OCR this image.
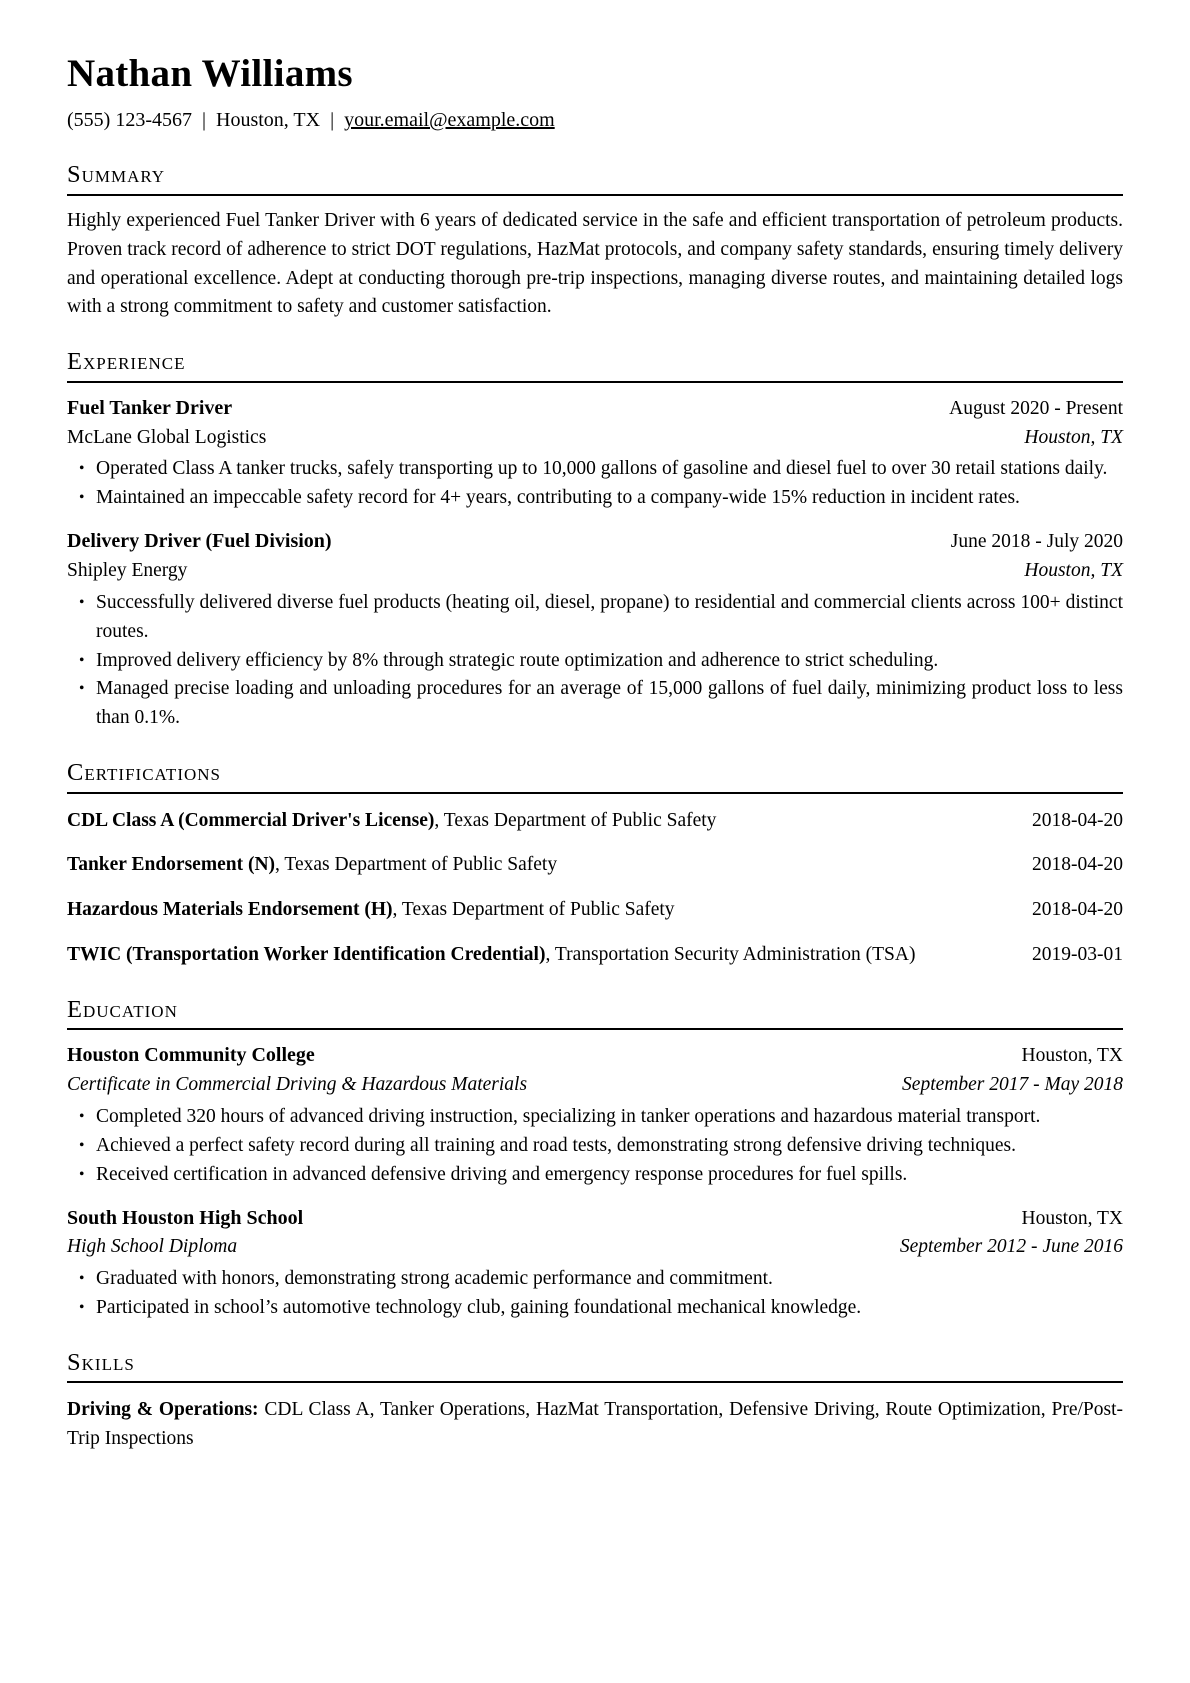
Nathan Williams
(555) 123-4567 | Houston, TX | your.email@example.com
Summary

Highly experienced Fuel Tanker Driver with 6 years of dedicated service in the safe and efficient transportation of petroleum products. Proven track record of adherence to strict DOT regulations, HazMat protocols, and company safety standards, ensuring timely delivery and operational excellence. Adept at conducting thorough pre-trip inspections, managing diverse routes, and maintaining detailed logs with a strong commitment to safety and customer satisfaction.

Experience
Fuel Tanker Driver	August 2020 - Present
McLane Global Logistics	Houston, TX
• Operated Class A tanker trucks, safely transporting up to 10,000 gallons of gasoline and diesel fuel to over 30 retail stations daily.
• Maintained an impeccable safety record for 4+ years, contributing to a company-wide 15% reduction in incident rates.
Delivery Driver (Fuel Division)	June 2018 - July 2020
Shipley Energy	Houston, TX
• Successfully delivered diverse fuel products (heating oil, diesel, propane) to residential and commercial clients across 100+ distinct routes.
• Improved delivery efficiency by 8% through strategic route optimization and adherence to strict scheduling.
• Managed precise loading and unloading procedures for an average of 15,000 gallons of fuel daily, minimizing product loss to less than 0.1%.
Certifications

CDL Class A (Commercial Driver's License), Texas Department of Public Safety	2018-04-20

Tanker Endorsement (N), Texas Department of Public Safety	2018-04-20

Hazardous Materials Endorsement (H), Texas Department of Public Safety	2018-04-20

TWIC (Transportation Worker Identification Credential), Transportation Security Administration (TSA)	2019-03-01
Education
Houston Community College	Houston, TX
Certificate in Commercial Driving & Hazardous Materials	September 2017 - May 2018
• Completed 320 hours of advanced driving instruction, specializing in tanker operations and hazardous material transport.
• Achieved a perfect safety record during all training and road tests, demonstrating strong defensive driving techniques.
• Received certification in advanced defensive driving and emergency response procedures for fuel spills.
South Houston High School	Houston, TX
High School Diploma	September 2012 - June 2016
• Graduated with honors, demonstrating strong academic performance and commitment.
• Participated in school’s automotive technology club, gaining foundational mechanical knowledge.
Skills

Driving & Operations: CDL Class A, Tanker Operations, HazMat Transportation, Defensive Driving, Route Optimization, Pre/Post-Trip Inspections
